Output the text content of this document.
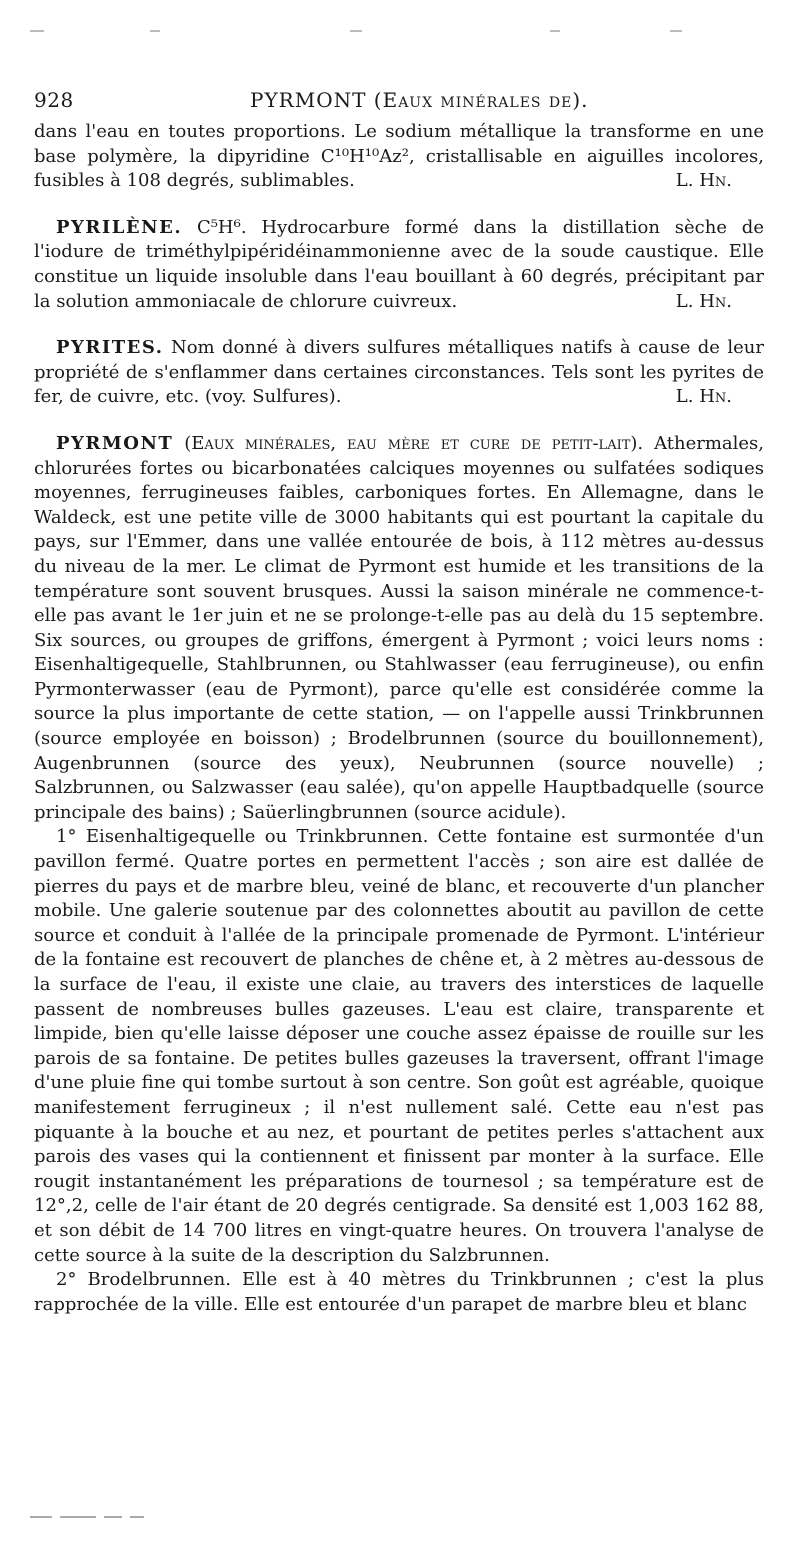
928	PYRMONT (Eaux minérales de).

dans l'eau en toutes proportions. Le sodium métallique la transforme en une base polymère, la dipyridine C¹⁰H¹⁰Az², cristallisable en aiguilles incolores, fusibles à 108 degrés, sublimables.	L. Hn.

PYRILÈNE. C⁵H⁶. Hydrocarbure formé dans la distillation sèche de l'iodure de triméthylpipéridéinammonienne avec de la soude caustique. Elle constitue un liquide insoluble dans l'eau bouillant à 60 degrés, précipitant par la solution ammoniacale de chlorure cuivreux.	L. Hn.

PYRITES. Nom donné à divers sulfures métalliques natifs à cause de leur propriété de s'enflammer dans certaines circonstances. Tels sont les pyrites de fer, de cuivre, etc. (voy. Sulfures).	L. Hn.

PYRMONT (Eaux minérales, eau mère et cure de petit-lait). Athermales, chlorurées fortes ou bicarbonatées calciques moyennes ou sulfatées sodiques moyennes, ferrugineuses faibles, carboniques fortes. En Allemagne, dans le Waldeck, est une petite ville de 3000 habitants qui est pourtant la capitale du pays, sur l'Emmer, dans une vallée entourée de bois, à 112 mètres au-dessus du niveau de la mer. Le climat de Pyrmont est humide et les transitions de la température sont souvent brusques. Aussi la saison minérale ne commence-t-elle pas avant le 1er juin et ne se prolonge-t-elle pas au delà du 15 septembre. Six sources, ou groupes de griffons, émergent à Pyrmont ; voici leurs noms : Eisenhaltigequelle, Stahlbrunnen, ou Stahlwasser (eau ferrugineuse), ou enfin Pyrmonterwasser (eau de Pyrmont), parce qu'elle est considérée comme la source la plus importante de cette station, — on l'appelle aussi Trinkbrunnen (source employée en boisson) ; Brodelbrunnen (source du bouillonnement), Augenbrunnen (source des yeux), Neubrunnen (source nouvelle) ; Salzbrunnen, ou Salzwasser (eau salée), qu'on appelle Hauptbadquelle (source principale des bains) ; Saüerlingbrunnen (source acidule).

1° Eisenhaltigequelle ou Trinkbrunnen. Cette fontaine est surmontée d'un pavillon fermé. Quatre portes en permettent l'accès ; son aire est dallée de pierres du pays et de marbre bleu, veiné de blanc, et recouverte d'un plancher mobile. Une galerie soutenue par des colonnettes aboutit au pavillon de cette source et conduit à l'allée de la principale promenade de Pyrmont. L'intérieur de la fontaine est recouvert de planches de chêne et, à 2 mètres au-dessous de la surface de l'eau, il existe une claie, au travers des interstices de laquelle passent de nombreuses bulles gazeuses. L'eau est claire, transparente et limpide, bien qu'elle laisse déposer une couche assez épaisse de rouille sur les parois de sa fontaine. De petites bulles gazeuses la traversent, offrant l'image d'une pluie fine qui tombe surtout à son centre. Son goût est agréable, quoique manifestement ferrugineux ; il n'est nullement salé. Cette eau n'est pas piquante à la bouche et au nez, et pourtant de petites perles s'attachent aux parois des vases qui la contiennent et finissent par monter à la surface. Elle rougit instantanément les préparations de tournesol ; sa température est de 12°,2, celle de l'air étant de 20 degrés centigrade. Sa densité est 1,003 162 88, et son débit de 14 700 litres en vingt-quatre heures. On trouvera l'analyse de cette source à la suite de la description du Salzbrunnen.

2° Brodelbrunnen. Elle est à 40 mètres du Trinkbrunnen ; c'est la plus rapprochée de la ville. Elle est entourée d'un parapet de marbre bleu et blanc
